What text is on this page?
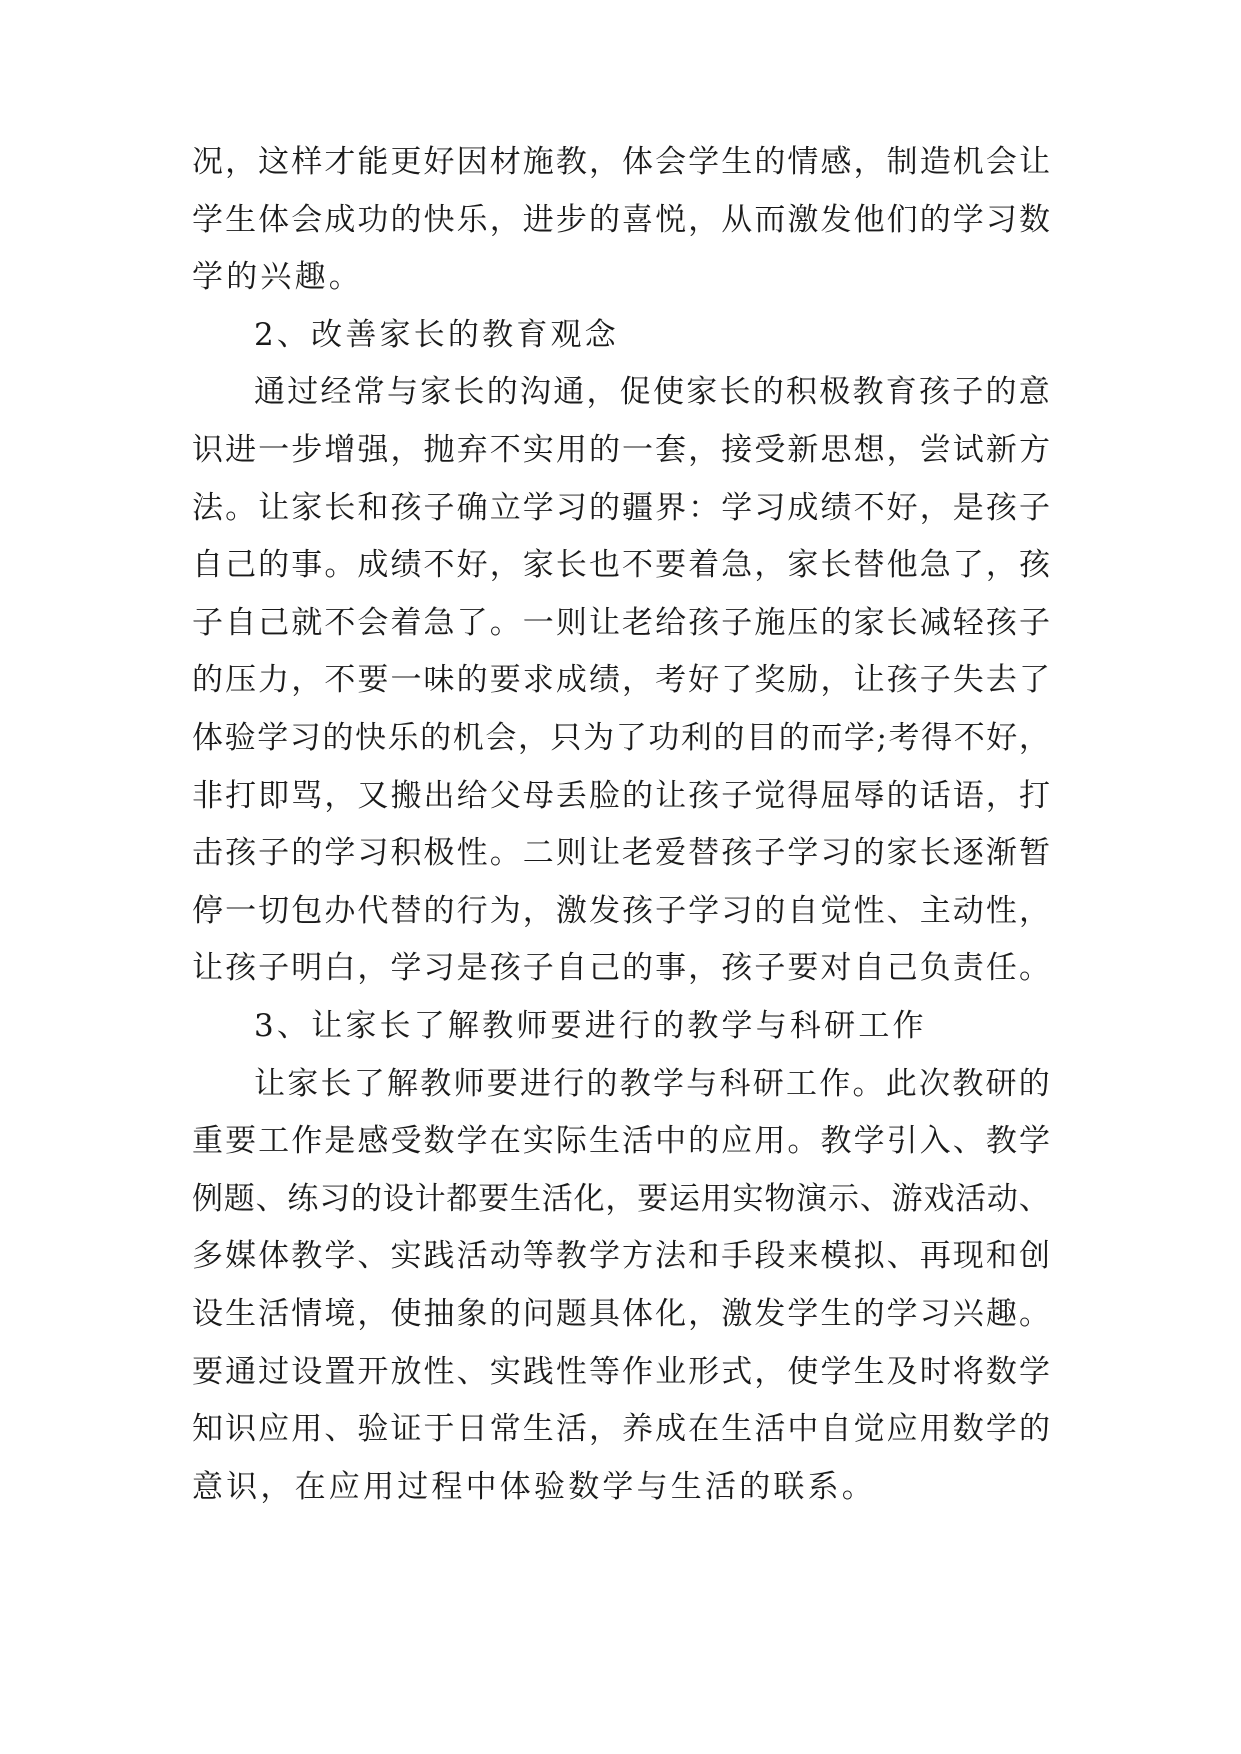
况 ， 这 样 才 能 更 好 因 材 施 教 ， 体 会 学 生 的 情 感 ， 制 造 机 会 让
学 生 体 会 成 功 的 快 乐 ， 进 步 的 喜 悦 ， 从 而 激 发 他 们 的 学 习 数
学的兴趣。
2、改善家长的教育观念
通 过 经 常 与 家 长 的 沟 通 ， 促 使 家 长 的 积 极 教 育 孩 子 的 意
识 进 一 步 增 强 ， 抛 弃 不 实 用 的 一 套 ， 接 受 新 思 想 ， 尝 试 新 方
法 。 让 家 长 和 孩 子 确 立 学 习 的 疆 界 ： 学 习 成 绩 不 好 ， 是 孩 子
自 己 的 事 。 成 绩 不 好 ， 家 长 也 不 要 着 急 ， 家 长 替 他 急 了 ， 孩
子 自 己 就 不 会 着 急 了 。 一 则 让 老 给 孩 子 施 压 的 家 长 减 轻 孩 子
的 压 力 ， 不 要 一 味 的 要 求 成 绩 ， 考 好 了 奖 励 ， 让 孩 子 失 去 了
体 验 学 习 的 快 乐 的 机 会 ， 只 为 了 功 利 的 目 的 而 学 ; 考 得 不 好 ，
非 打 即 骂 ， 又 搬 出 给 父 母 丢 脸 的 让 孩 子 觉 得 屈 辱 的 话 语 ， 打
击 孩 子 的 学 习 积 极 性 。 二 则 让 老 爱 替 孩 子 学 习 的 家 长 逐 渐 暂
停 一 切 包 办 代 替 的 行 为 ， 激 发 孩 子 学 习 的 自 觉 性 、 主 动 性 ，
让 孩 子 明 白 ， 学 习 是 孩 子 自 己 的 事 ， 孩 子 要 对 自 己 负 责 任 。
3、让家长了解教师要进行的教学与科研工作
让 家 长 了 解 教 师 要 进 行 的 教 学 与 科 研 工 作 。 此 次 教 研 的
重 要 工 作 是 感 受 数 学 在 实 际 生 活 中 的 应 用 。 教 学 引 入 、 教 学
例 题 、 练 习 的 设 计 都 要 生 活 化 ， 要 运 用 实 物 演 示 、 游 戏 活 动 、
多 媒 体 教 学 、 实 践 活 动 等 教 学 方 法 和 手 段 来 模 拟 、 再 现 和 创
设 生 活 情 境 ， 使 抽 象 的 问 题 具 体 化 ， 激 发 学 生 的 学 习 兴 趣 。
要 通 过 设 置 开 放 性 、 实 践 性 等 作 业 形 式 ， 使 学 生 及 时 将 数 学
知 识 应 用 、 验 证 于 日 常 生 活 ， 养 成 在 生 活 中 自 觉 应 用 数 学 的
意识，在应用过程中体验数学与生活的联系。
